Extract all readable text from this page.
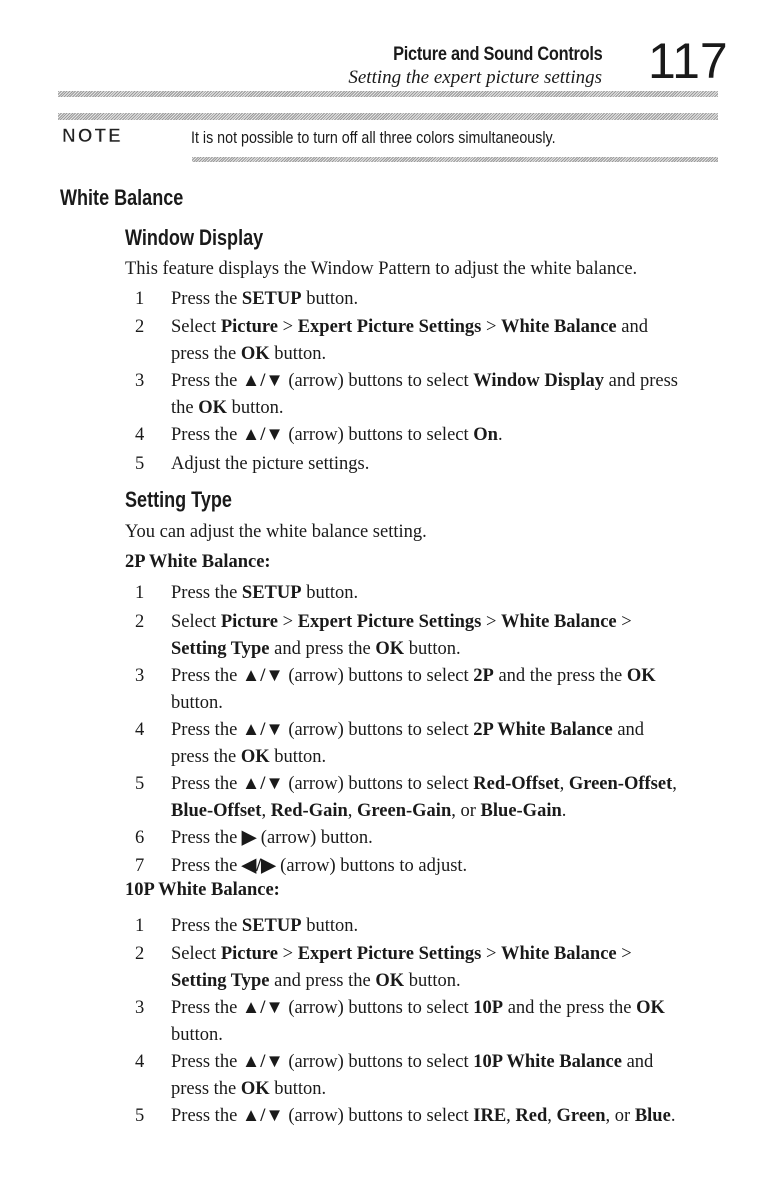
Picture and Sound Controls
Setting the expert picture settings 117
NOTE	It is not possible to turn off all three colors simultaneously.
White Balance
Window Display
This feature displays the Window Pattern to adjust the white balance.
1 Press the SETUP button.
2 Select Picture > Expert Picture Settings > White Balance and
press the OK button.
3 Press the ▲/▼ (arrow) buttons to select Window Display and press
the OK button.
4 Press the ▲/▼ (arrow) buttons to select On.
5 Adjust the picture settings.
Setting Type
You can adjust the white balance setting.
2P White Balance:
1 Press the SETUP button.
2 Select Picture > Expert Picture Settings > White Balance >
Setting Type and press the OK button.
3 Press the ▲/▼ (arrow) buttons to select 2P and the press the OK
button.
4 Press the ▲/▼ (arrow) buttons to select 2P White Balance and
press the OK button.
5 Press the ▲/▼ (arrow) buttons to select Red-Offset, Green-Offset,
Blue-Offset, Red-Gain, Green-Gain, or Blue-Gain.
6 Press the ▶ (arrow) button.
7 Press the ◀/▶ (arrow) buttons to adjust.
10P White Balance:
1 Press the SETUP button.
2 Select Picture > Expert Picture Settings > White Balance >
Setting Type and press the OK button.
3 Press the ▲/▼ (arrow) buttons to select 10P and the press the OK
button.
4 Press the ▲/▼ (arrow) buttons to select 10P White Balance and
press the OK button.
5 Press the ▲/▼ (arrow) buttons to select IRE, Red, Green, or Blue.
